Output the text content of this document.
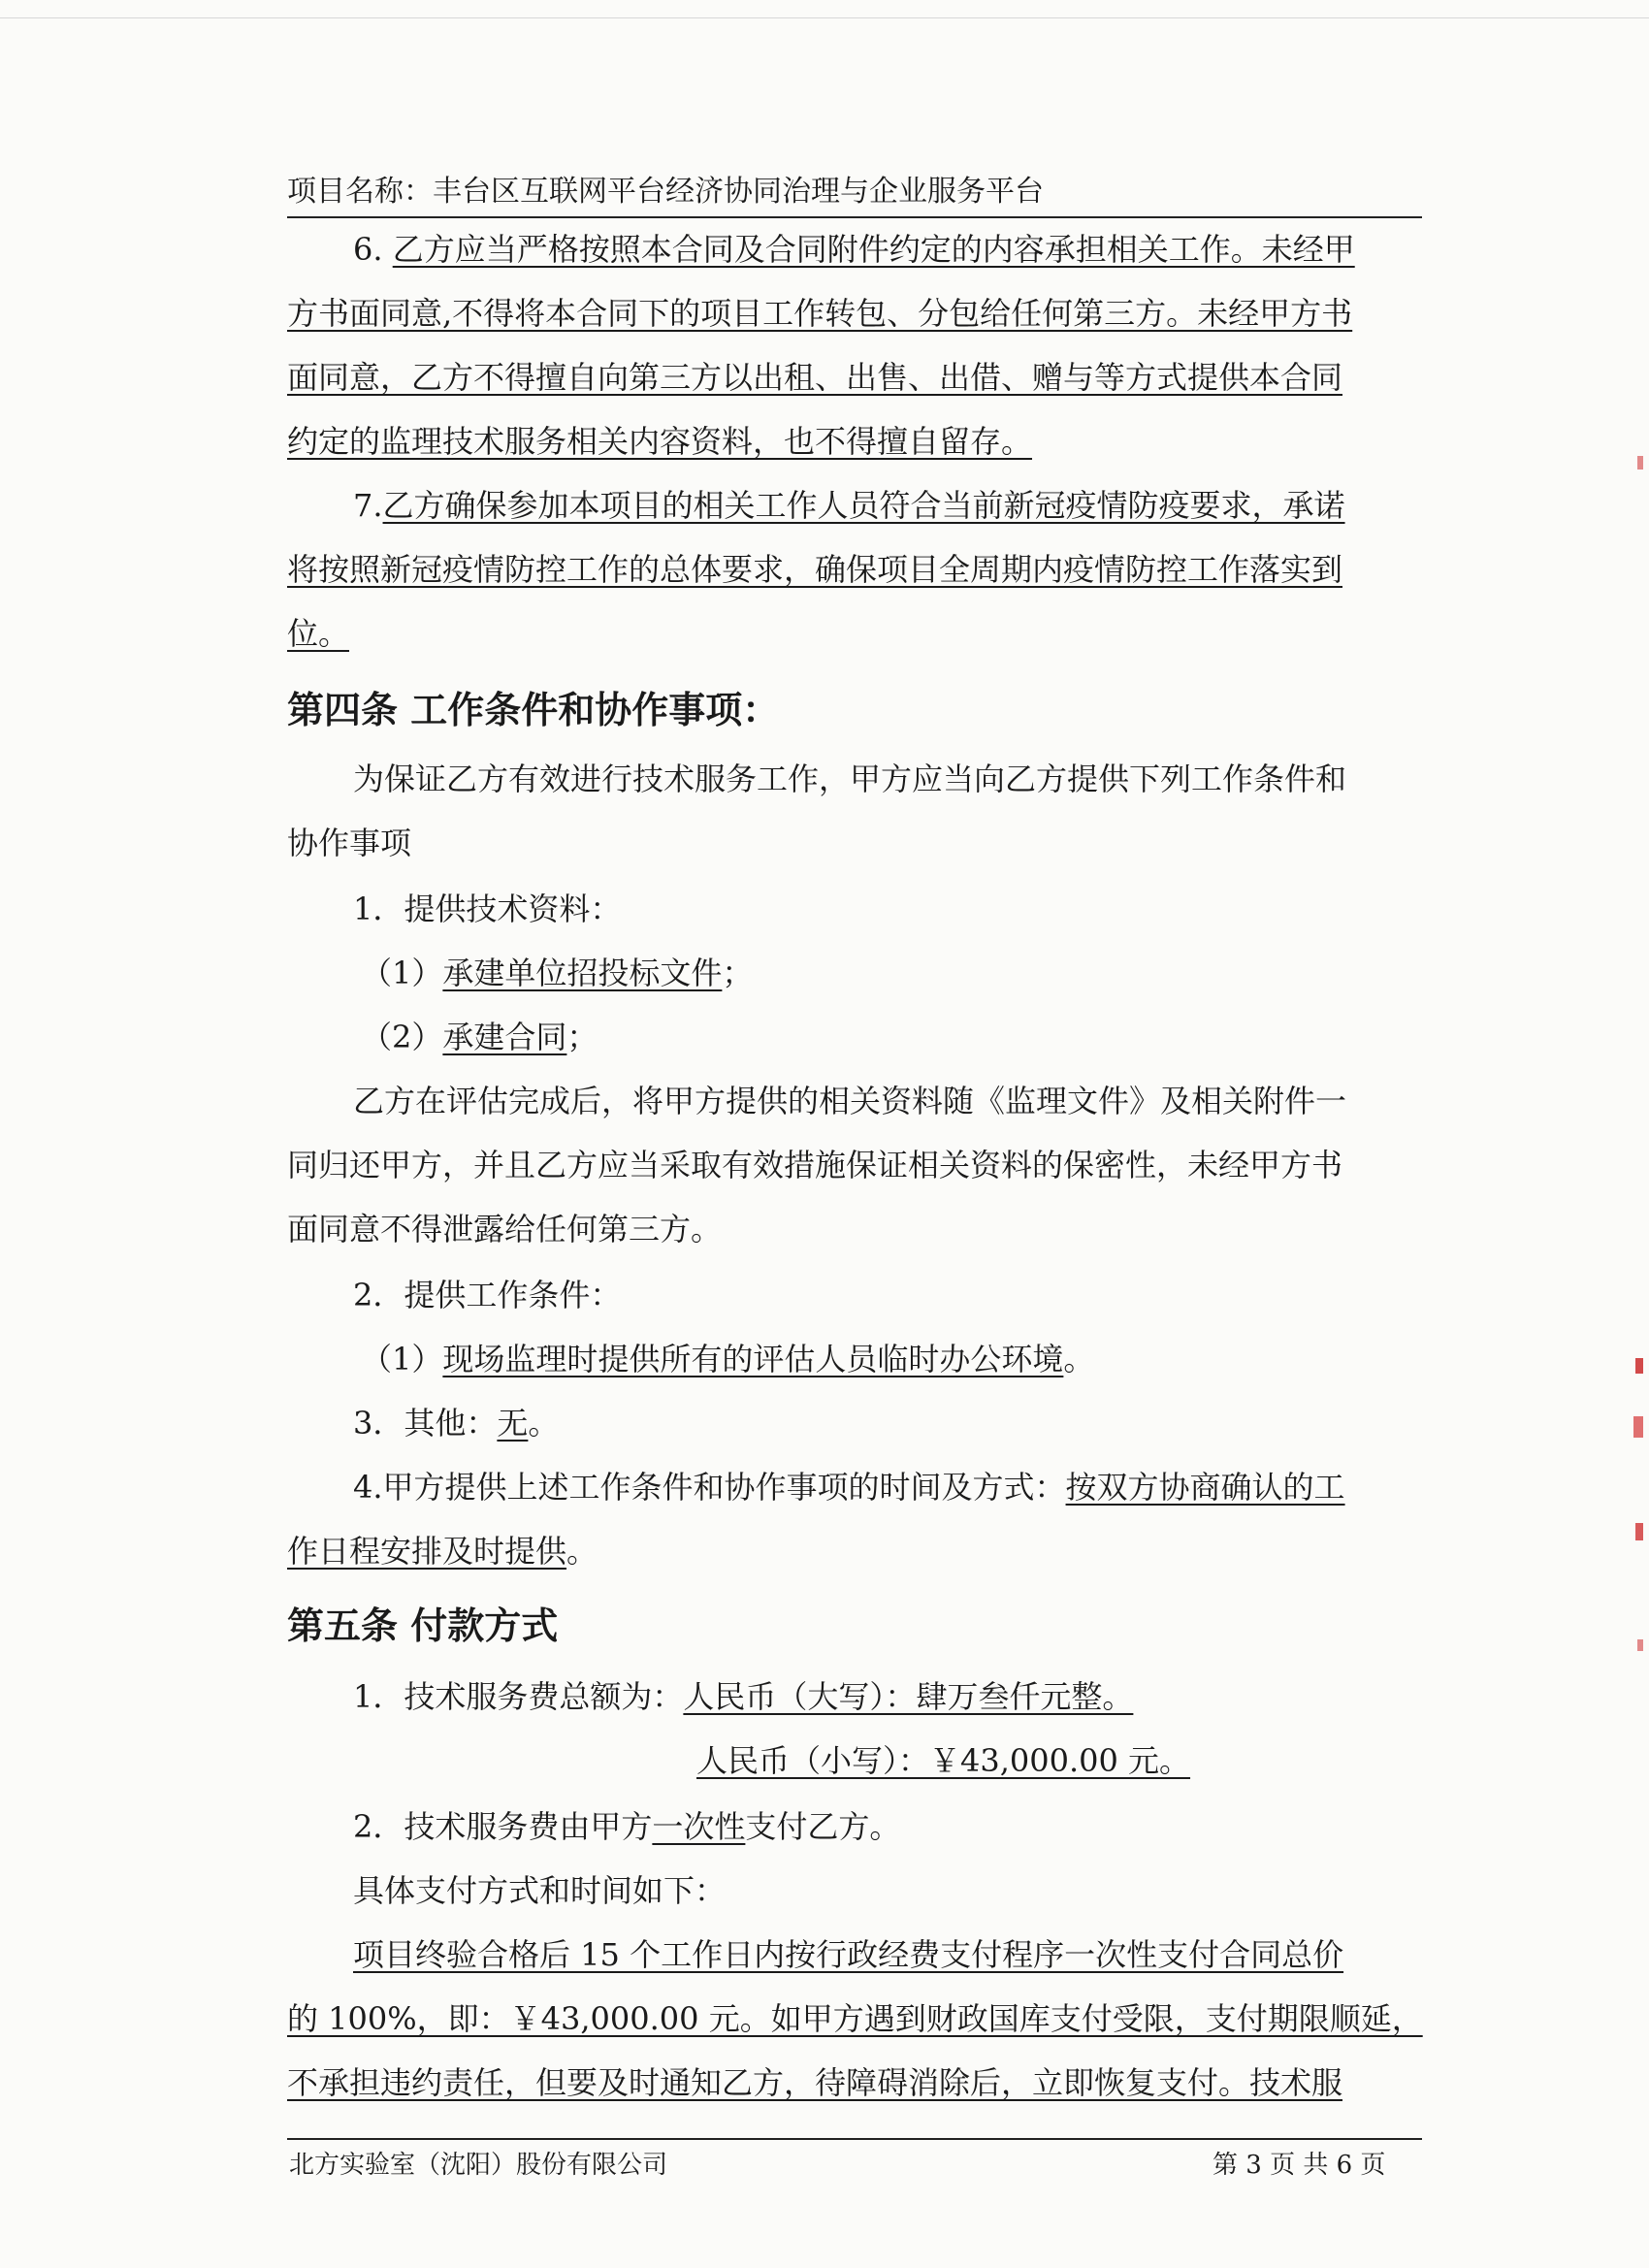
项目名称：丰台区互联网平台经济协同治理与企业服务平台
6. 乙方应当严格按照本合同及合同附件约定的内容承担相关工作。未经甲
方书面同意,不得将本合同下的项目工作转包、分包给任何第三方。未经甲方书
面同意，乙方不得擅自向第三方以出租、出售、出借、赠与等方式提供本合同
约定的监理技术服务相关内容资料，也不得擅自留存。
7.乙方确保参加本项目的相关工作人员符合当前新冠疫情防疫要求，承诺
将按照新冠疫情防控工作的总体要求，确保项目全周期内疫情防控工作落实到
位。
第四条 工作条件和协作事项：
为保证乙方有效进行技术服务工作，甲方应当向乙方提供下列工作条件和
协作事项
1．提供技术资料：
（1）承建单位招投标文件；
（2）承建合同；
乙方在评估完成后，将甲方提供的相关资料随《监理文件》及相关附件一
同归还甲方，并且乙方应当采取有效措施保证相关资料的保密性，未经甲方书
面同意不得泄露给任何第三方。
2．提供工作条件：
（1）现场监理时提供所有的评估人员临时办公环境。
3．其他：无。
4.甲方提供上述工作条件和协作事项的时间及方式：按双方协商确认的工
作日程安排及时提供。
第五条 付款方式
1．技术服务费总额为：人民币（大写）：肆万叁仟元整。
人民币（小写）：￥43,000.00 元。
2．技术服务费由甲方一次性支付乙方。
具体支付方式和时间如下：
项目终验合格后 15 个工作日内按行政经费支付程序一次性支付合同总价
的 100%，即：￥43,000.00 元。如甲方遇到财政国库支付受限，支付期限顺延，
不承担违约责任，但要及时通知乙方，待障碍消除后，立即恢复支付。技术服
北方实验室（沈阳）股份有限公司	第 3 页 共 6 页
